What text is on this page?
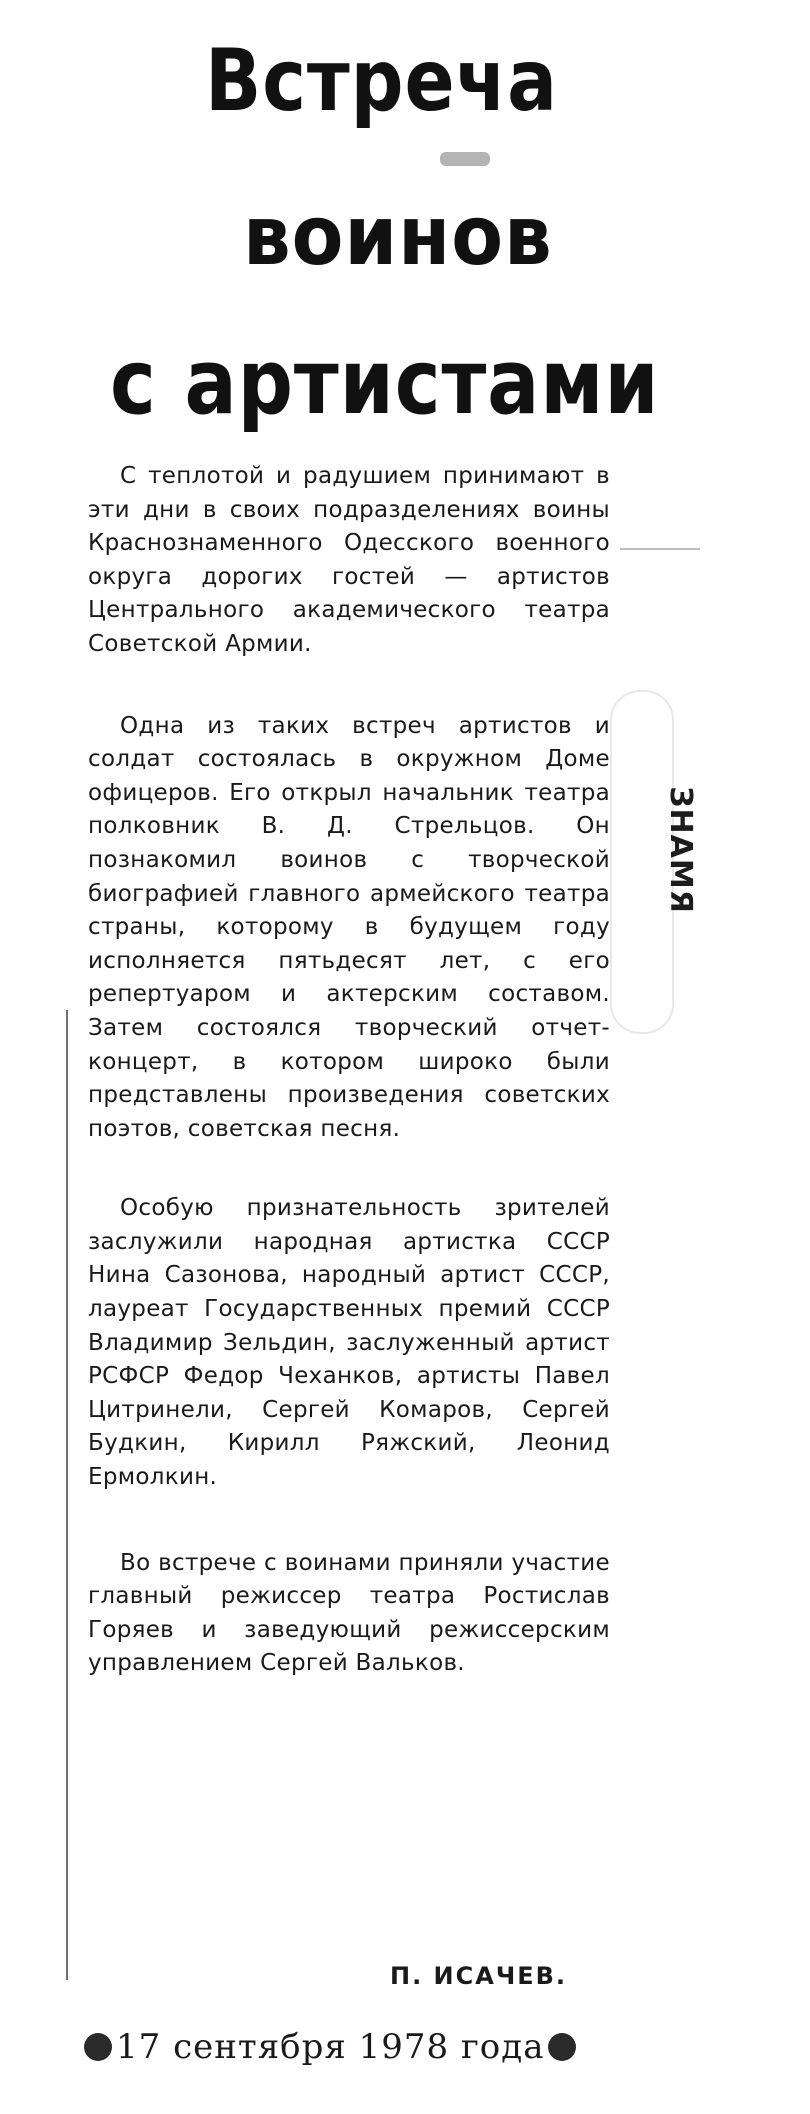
Встреча
воинов
с артистами

С теплотой и радушием принимают в эти дни в своих подразделениях воины Краснознаменного Одесского военного округа дорогих гостей — артистов Центрального академического театра Советской Армии.

Одна из таких встреч артистов и солдат состоялась в окружном Доме офицеров. Его открыл начальник театра полковник В. Д. Стрельцов. Он познакомил воинов с творческой биографией главного армейского театра страны, которому в будущем году исполняется пятьдесят лет, с его репертуаром и актерским составом. Затем состоялся творческий отчет-концерт, в котором широко были представлены произведения советских поэтов, советская песня.

Особую признательность зрителей заслужили народная артистка СССР Нина Сазонова, народный артист СССР, лауреат Государственных премий СССР Владимир Зельдин, заслуженный артист РСФСР Федор Чеханков, артисты Павел Цитринели, Сергей Комаров, Сергей Будкин, Кирилл Ряжский, Леонид Ермолкин.

Во встрече с воинами приняли участие главный режиссер театра Ростислав Горяев и заведующий режиссерским управлением Сергей Вальков.

П. ИСАЧЕВ.
17 сентября 1978 года
ЗНАМЯ
